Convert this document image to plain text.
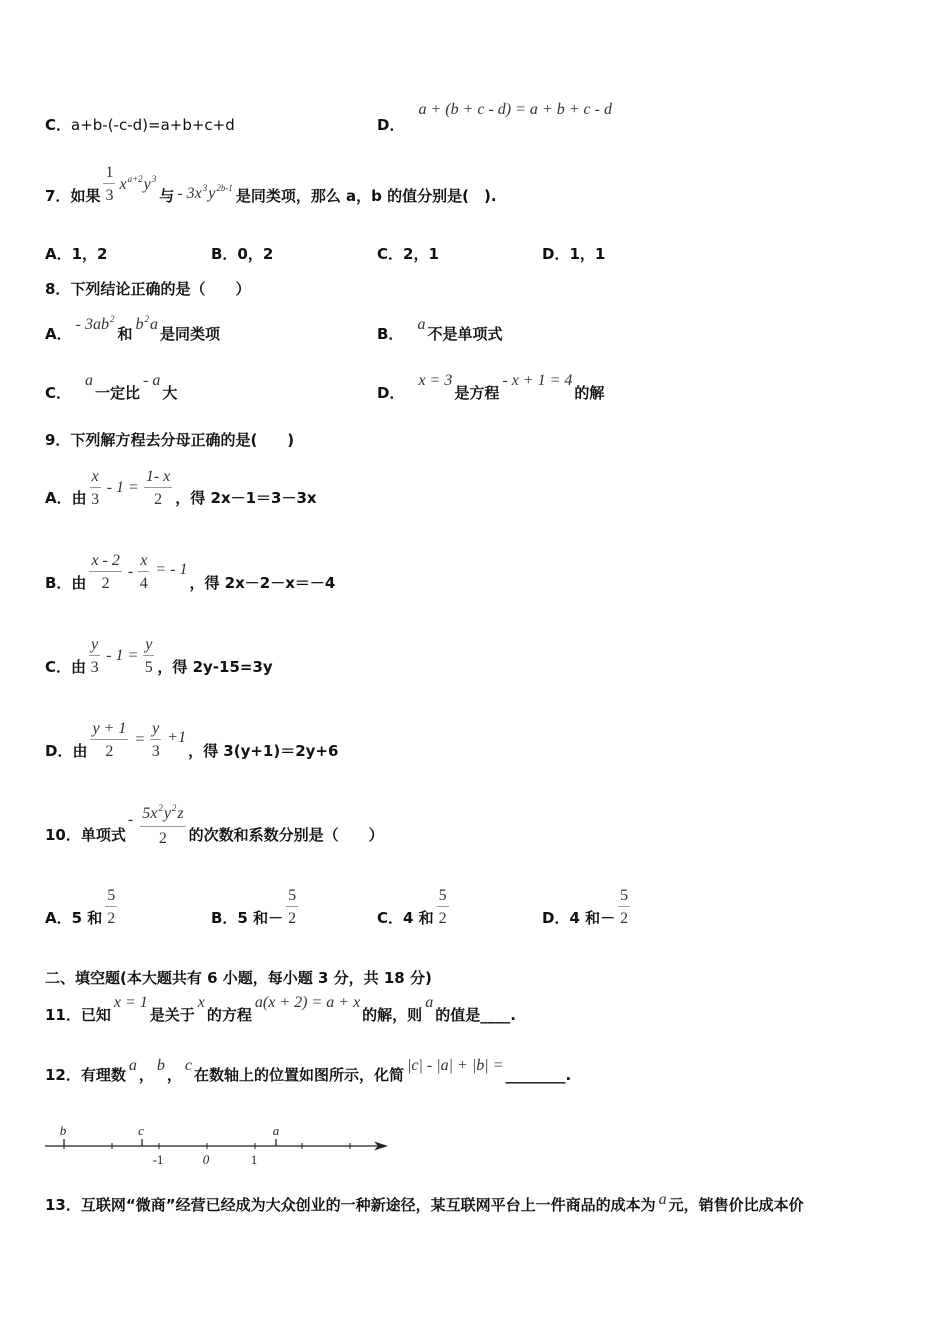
C． a+b-(-c-d)=a+b+c+d	D．
a + (b + c - d) = a + b + c - d
7． 如果 $\frac{1}{3} x^{a+2}y^3$
与 - $3x^3y^{2b-1}$ 是同类项，那么 a，b 的值分别是(　).
A．1，2	B．0，2	C．2，1	D．1，1
8．下列结论正确的是（　　）
A．
- $3ab^2$
和
$b^2a$
是同类项	B．
a
不是单项式
C．
a
一定比
- a
大	D．
x = 3
是方程
- x + 1 = 4
的解
9．下列解方程去分母正确的是(　　)
A．由 $\frac{x}{3} - 1 = \frac{1- x}{2}$ ，得 2x－1＝3－3x
B．由 $\frac{x - 2}{2} - \frac{x}{4}$ = - 1
，得 2x－2－x＝－4
C．由 $\frac{y}{3} - 1 = \frac{y}{5}$ ，得 2y-15=3y
D．由 $\frac{y + 1}{2} = \frac{y}{3} +1$
，得 3(y+1)＝2y+6
10．单项式
- $\frac{5x^2y^2z}{2}$ 的次数和系数分别是（　　）
A．5 和 $\frac{5}{2}$	B．5 和－ $\frac{5}{2}$	C．4 和 $\frac{5}{2}$	D．4 和－ $\frac{5}{2}$
二、填空题(本大题共有 6 小题，每小题 3 分，共 18 分)
11．已知
x = 1
是关于
x
的方程
a(x + 2) = a + x
的解，则
a
的值是____.
12．有理数
a
，
b
，
c
在数轴上的位置如图所示，化简
|c| - |a| + |b| =
________.
b	c	a
-1	0	1
13．互联网“微商”经营已经成为大众创业的一种新途径，某互联网平台上一件商品的成本为 a 元，销售价比成本价
